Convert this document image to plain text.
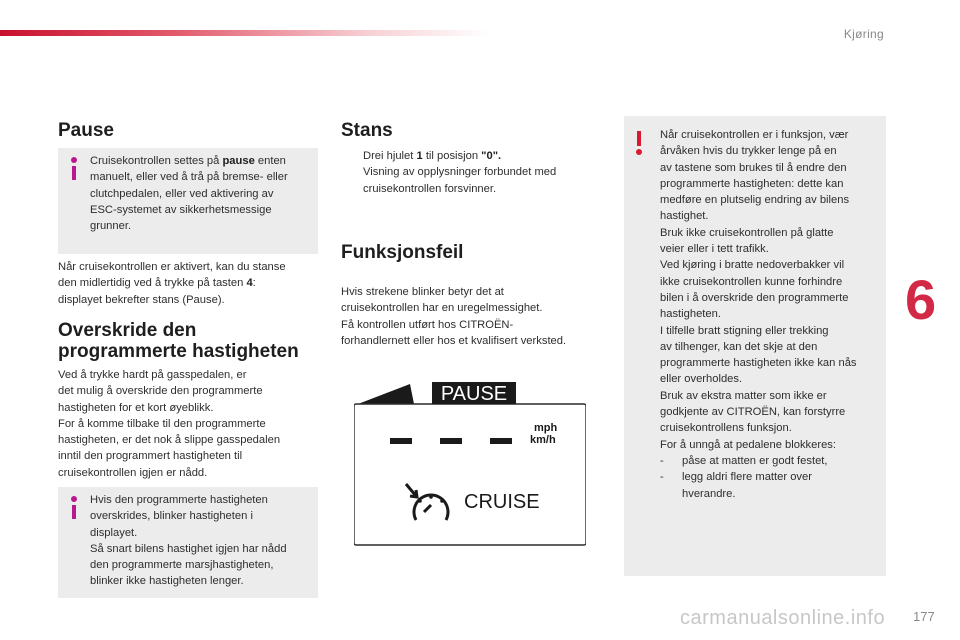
Kjøring
6
177
Pause
Cruisekontrollen settes på pause enten
manuelt, eller ved å trå på bremse- eller
clutchpedalen, eller ved aktivering av
ESC-systemet av sikkerhetsmessige
grunner.
Når cruisekontrollen er aktivert, kan du stanse
den midlertidig ved å trykke på tasten 4:
displayet bekrefter stans (Pause).
Overskride den
programmerte hastigheten
Ved å trykke hardt på gasspedalen, er
det mulig å overskride den programmerte
hastigheten for et kort øyeblikk.
For å komme tilbake til den programmerte
hastigheten, er det nok å slippe gasspedalen
inntil den programmert hastigheten til
cruisekontrollen igjen er nådd.
Hvis den programmerte hastigheten
overskrides, blinker hastigheten i
displayet.
Så snart bilens hastighet igjen har nådd
den programmerte marsjhastigheten,
blinker ikke hastigheten lenger.
Stans
Drei hjulet 1 til posisjon "0".
Visning av opplysninger forbundet med
cruisekontrollen forsvinner.
Funksjonsfeil
Hvis strekene blinker betyr det at
cruisekontrollen har en uregelmessighet.
Få kontrollen utført hos CITROËN-
forhandlernett eller hos et kvalifisert verksted.
PAUSE
mph
km/h
CRUISE
Når cruisekontrollen er i funksjon, vær
årvåken hvis du trykker lenge på en
av tastene som brukes til å endre den
programmerte hastigheten: dette kan
medføre en plutselig endring av bilens
hastighet.
Bruk ikke cruisekontrollen på glatte
veier eller i tett trafikk.
Ved kjøring i bratte nedoverbakker vil
ikke cruisekontrollen kunne forhindre
bilen i å overskride den programmerte
hastigheten.
I tilfelle bratt stigning eller trekking
av tilhenger, kan det skje at den
programmerte hastigheten ikke kan nås
eller overholdes.
Bruk av ekstra matter som ikke er
godkjente av CITROËN, kan forstyrre
cruisekontrollens funksjon.
For å unngå at pedalene blokkeres:
- påse at matten er godt festet,
- legg aldri flere matter over
hverandre.
carmanualsonline.info
